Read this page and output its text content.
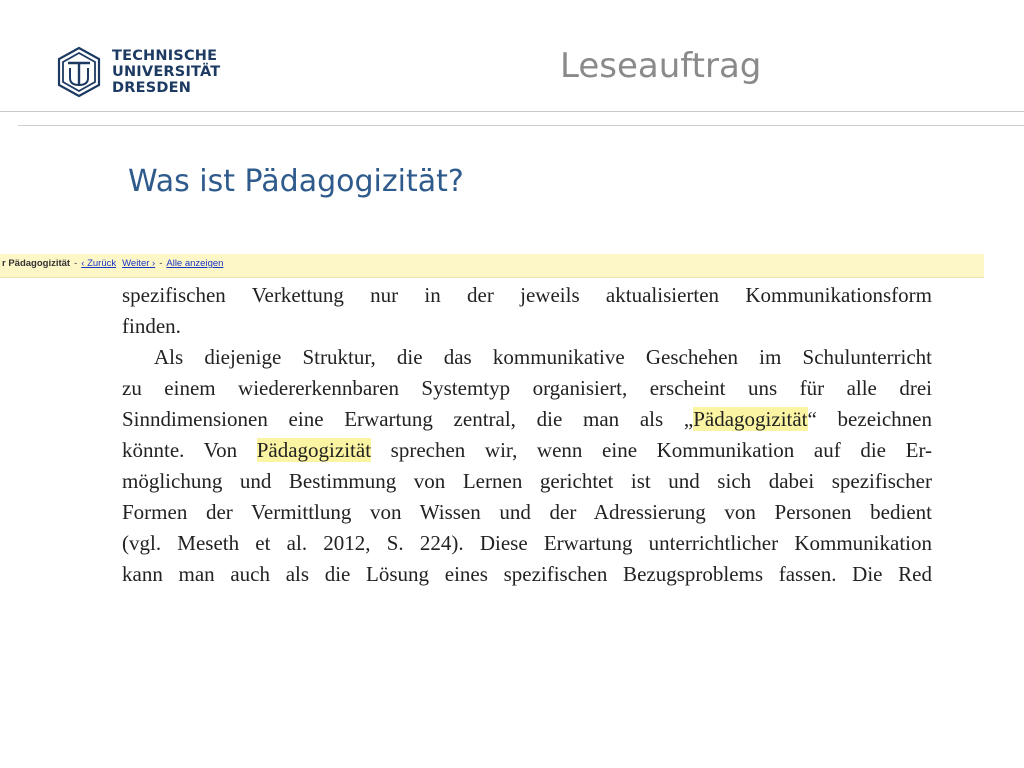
TECHNISCHE
UNIVERSITÄT
DRESDEN
Leseauftrag
Was ist Pädagogizität?
r Pädagogizität - ‹ Zurück Weiter › - Alle anzeigen
spezifischen Verkettung nur in der jeweils aktualisierten Kommunikationsform
finden.
Als diejenige Struktur, die das kommunikative Geschehen im Schulunterricht
zu einem wiedererkennbaren Systemtyp organisiert, erscheint uns für alle drei
Sinndimensionen eine Erwartung zentral, die man als „Pädagogizität“ bezeichnen
könnte. Von Pädagogizität sprechen wir, wenn eine Kommunikation auf die Er-
möglichung und Bestimmung von Lernen gerichtet ist und sich dabei spezifischer
Formen der Vermittlung von Wissen und der Adressierung von Personen bedient
(vgl. Meseth et al. 2012, S. 224). Diese Erwartung unterrichtlicher Kommunikation
kann man auch als die Lösung eines spezifischen Bezugsproblems fassen. Die Red
